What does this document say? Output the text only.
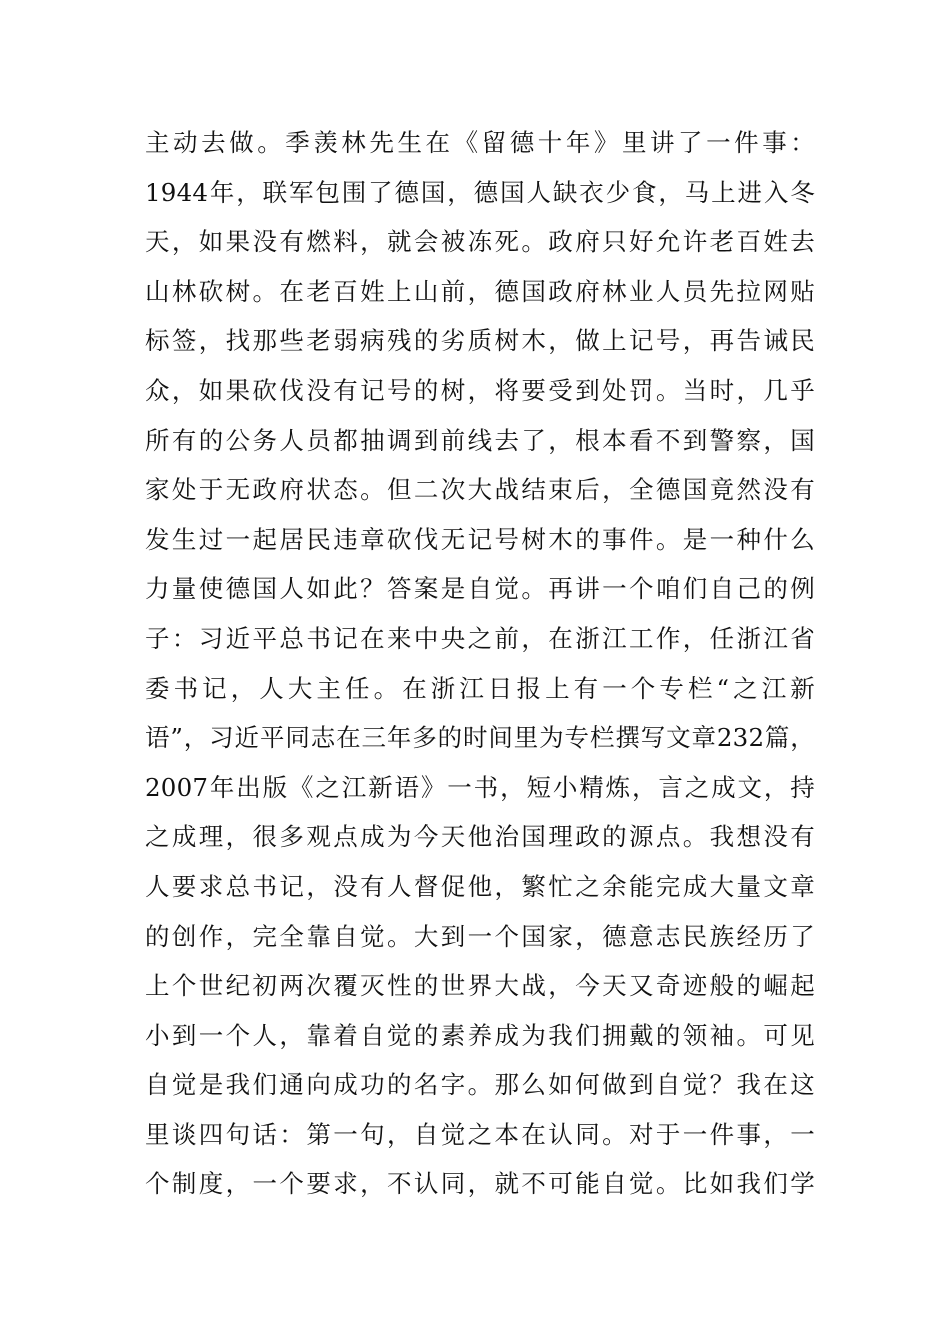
主动去做。季羡林先生在《留德十年》里讲了一件事：
1944年，联军包围了德国，德国人缺衣少食，马上进入冬
天，如果没有燃料，就会被冻死。政府只好允许老百姓去
山林砍树。在老百姓上山前，德国政府林业人员先拉网贴
标签，找那些老弱病残的劣质树木，做上记号，再告诫民
众，如果砍伐没有记号的树，将要受到处罚。当时，几乎
所有的公务人员都抽调到前线去了，根本看不到警察，国
家处于无政府状态。但二次大战结束后，全德国竟然没有
发生过一起居民违章砍伐无记号树木的事件。是一种什么
力量使德国人如此？答案是自觉。再讲一个咱们自己的例
子：习近平总书记在来中央之前，在浙江工作，任浙江省
委书记，人大主任。在浙江日报上有一个专栏“之江新
语”，习近平同志在三年多的时间里为专栏撰写文章232篇，
2007年出版《之江新语》一书，短小精炼，言之成文，持
之成理，很多观点成为今天他治国理政的源点。我想没有
人要求总书记，没有人督促他，繁忙之余能完成大量文章
的创作，完全靠自觉。大到一个国家，德意志民族经历了
上个世纪初两次覆灭性的世界大战，今天又奇迹般的崛起
小到一个人，靠着自觉的素养成为我们拥戴的领袖。可见
自觉是我们通向成功的名字。那么如何做到自觉？我在这
里谈四句话：第一句，自觉之本在认同。对于一件事，一
个制度，一个要求，不认同，就不可能自觉。比如我们学
